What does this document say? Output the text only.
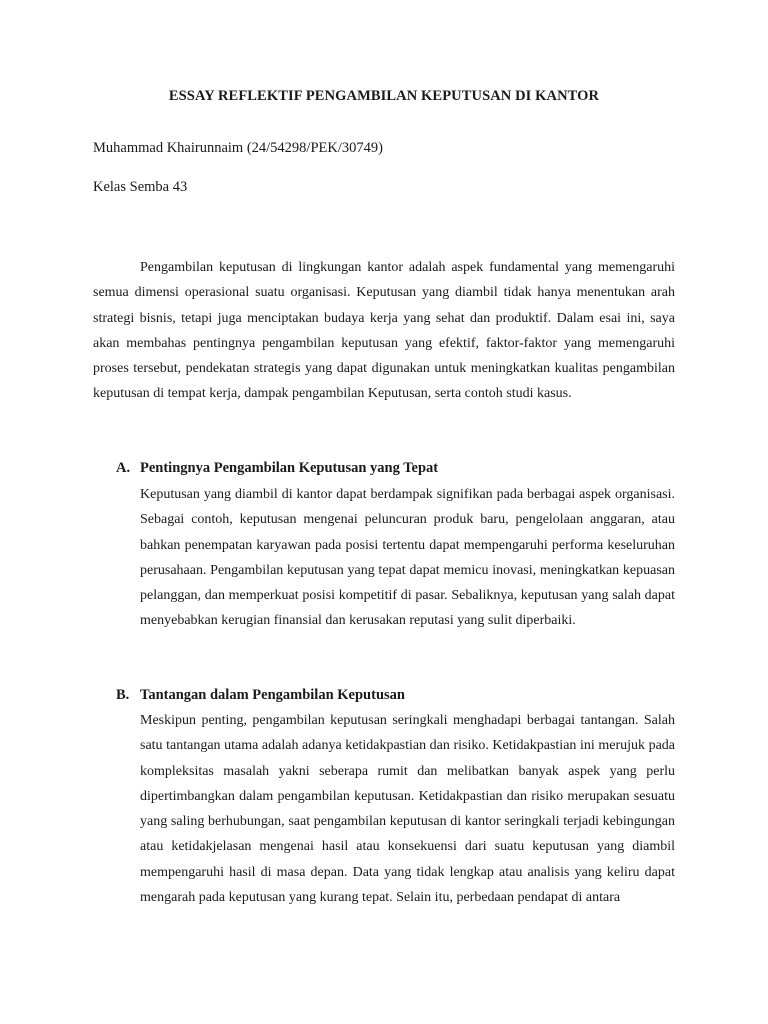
ESSAY REFLEKTIF PENGAMBILAN KEPUTUSAN DI KANTOR
Muhammad Khairunnaim (24/54298/PEK/30749)
Kelas Semba 43
Pengambilan keputusan di lingkungan kantor adalah aspek fundamental yang memengaruhi semua dimensi operasional suatu organisasi. Keputusan yang diambil tidak hanya menentukan arah strategi bisnis, tetapi juga menciptakan budaya kerja yang sehat dan produktif. Dalam esai ini, saya akan membahas pentingnya pengambilan keputusan yang efektif, faktor-faktor yang memengaruhi proses tersebut, pendekatan strategis yang dapat digunakan untuk meningkatkan kualitas pengambilan keputusan di tempat kerja, dampak pengambilan Keputusan, serta contoh studi kasus.
A. Pentingnya Pengambilan Keputusan yang Tepat
Keputusan yang diambil di kantor dapat berdampak signifikan pada berbagai aspek organisasi. Sebagai contoh, keputusan mengenai peluncuran produk baru, pengelolaan anggaran, atau bahkan penempatan karyawan pada posisi tertentu dapat mempengaruhi performa keseluruhan perusahaan. Pengambilan keputusan yang tepat dapat memicu inovasi, meningkatkan kepuasan pelanggan, dan memperkuat posisi kompetitif di pasar. Sebaliknya, keputusan yang salah dapat menyebabkan kerugian finansial dan kerusakan reputasi yang sulit diperbaiki.
B. Tantangan dalam Pengambilan Keputusan
Meskipun penting, pengambilan keputusan seringkali menghadapi berbagai tantangan. Salah satu tantangan utama adalah adanya ketidakpastian dan risiko. Ketidakpastian ini merujuk pada kompleksitas masalah yakni seberapa rumit dan melibatkan banyak aspek yang perlu dipertimbangkan dalam pengambilan keputusan. Ketidakpastian dan risiko merupakan sesuatu yang saling berhubungan, saat pengambilan keputusan di kantor seringkali terjadi kebingungan atau ketidakjelasan mengenai hasil atau konsekuensi dari suatu keputusan yang diambil mempengaruhi hasil di masa depan. Data yang tidak lengkap atau analisis yang keliru dapat mengarah pada keputusan yang kurang tepat. Selain itu, perbedaan pendapat di antara
